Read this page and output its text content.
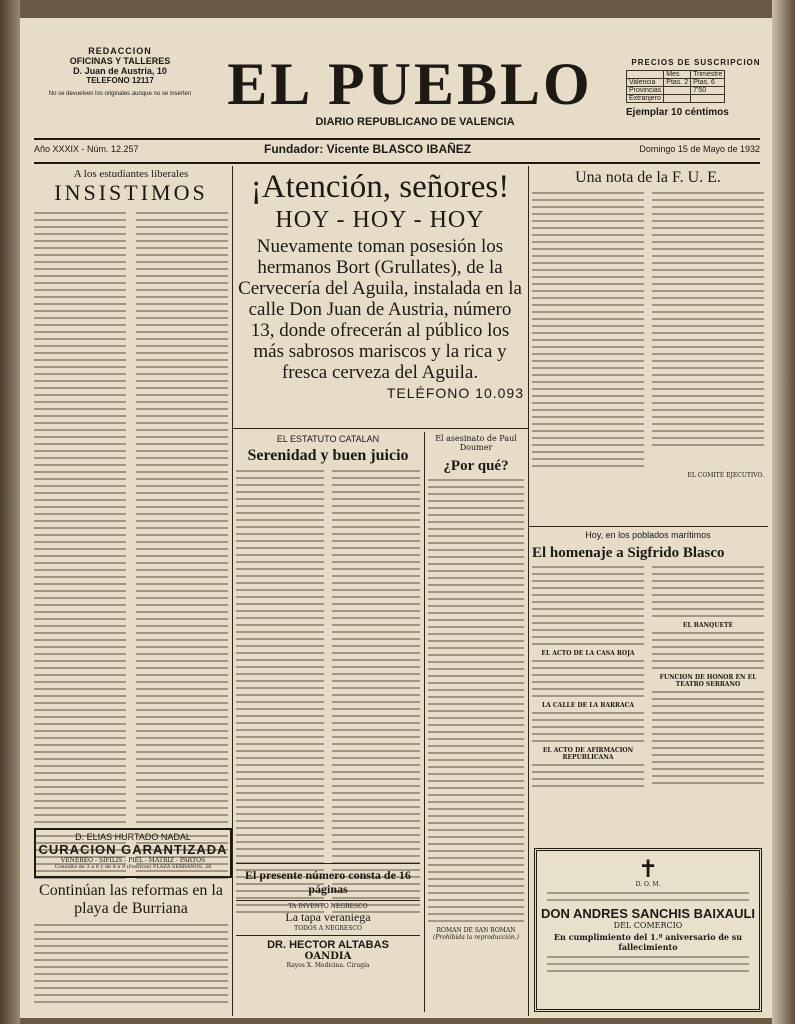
REDACCION
OFICINAS Y TALLERES
D. Juan de Austria, 10
TELEFONO 12117
No se devuelven los originales aunque no se inserten EL PUEBLO
DIARIO REPUBLICANO DE VALENCIA
PRECIOS DE SUSCRIPCION
	Mes	Trimestre
Valencia	Ptas. 2	Ptas. 6
Provincias		7'50
Extranjero		
Ejemplar 10 céntimos
Año XXXIX - Núm. 12.257	Fundador: Vicente BLASCO IBAÑEZ	Domingo 15 de Mayo de 1932
A los estudiantes liberales
INSISTIMOS
D. ELIAS HURTADO NADAL
CURACION GARANTIZADA
VENÉREO - SÍFILIS - PIEL - MATRIZ - PARTOS
Consulta de 3 a 6 y de 8 a 9 (Festivos) PLAZA SERRANOS, 26
Continúan las reformas en la playa de Burriana
¡Atención, señores!
HOY - HOY - HOY
Nuevamente toman posesión los hermanos Bort (Grullates), de la Cervecería del Aguila, instalada en la calle Don Juan de Austria, número 13, donde ofrecerán al público los más sabrosos mariscos y la rica y fresca cerveza del Aguila.
TELÉFONO 10.093
EL ESTATUTO CATALAN
Serenidad y buen juicio
El presente número consta de 16 páginas
TA INVENTO NEGRESCO
La tapa veraniega
TODOS A NEGRESCO
DR. HECTOR ALTABAS
OANDIA
Rayos X. Medicina. Cirugía
El asesinato de Paul Doumer
¿Por qué?
ROMAN DE SAN ROMAN
(Prohibida la reproducción.)
Una nota de la F. U. E.
EL COMITÉ EJECUTIVO.
Hoy, en los poblados marítimos
El homenaje a Sigfrido Blasco
EL ACTO DE LA CASA ROJA
LA CALLE DE LA BARRACA
EL ACTO DE AFIRMACION REPUBLICANA
EL BANQUETE
FUNCION DE HONOR EN EL TEATRO SERRANO
✝
D. O. M.
DON ANDRES SANCHIS BAIXAULI
DEL COMERCIO
En cumplimiento del 1.º aniversario de su fallecimiento
